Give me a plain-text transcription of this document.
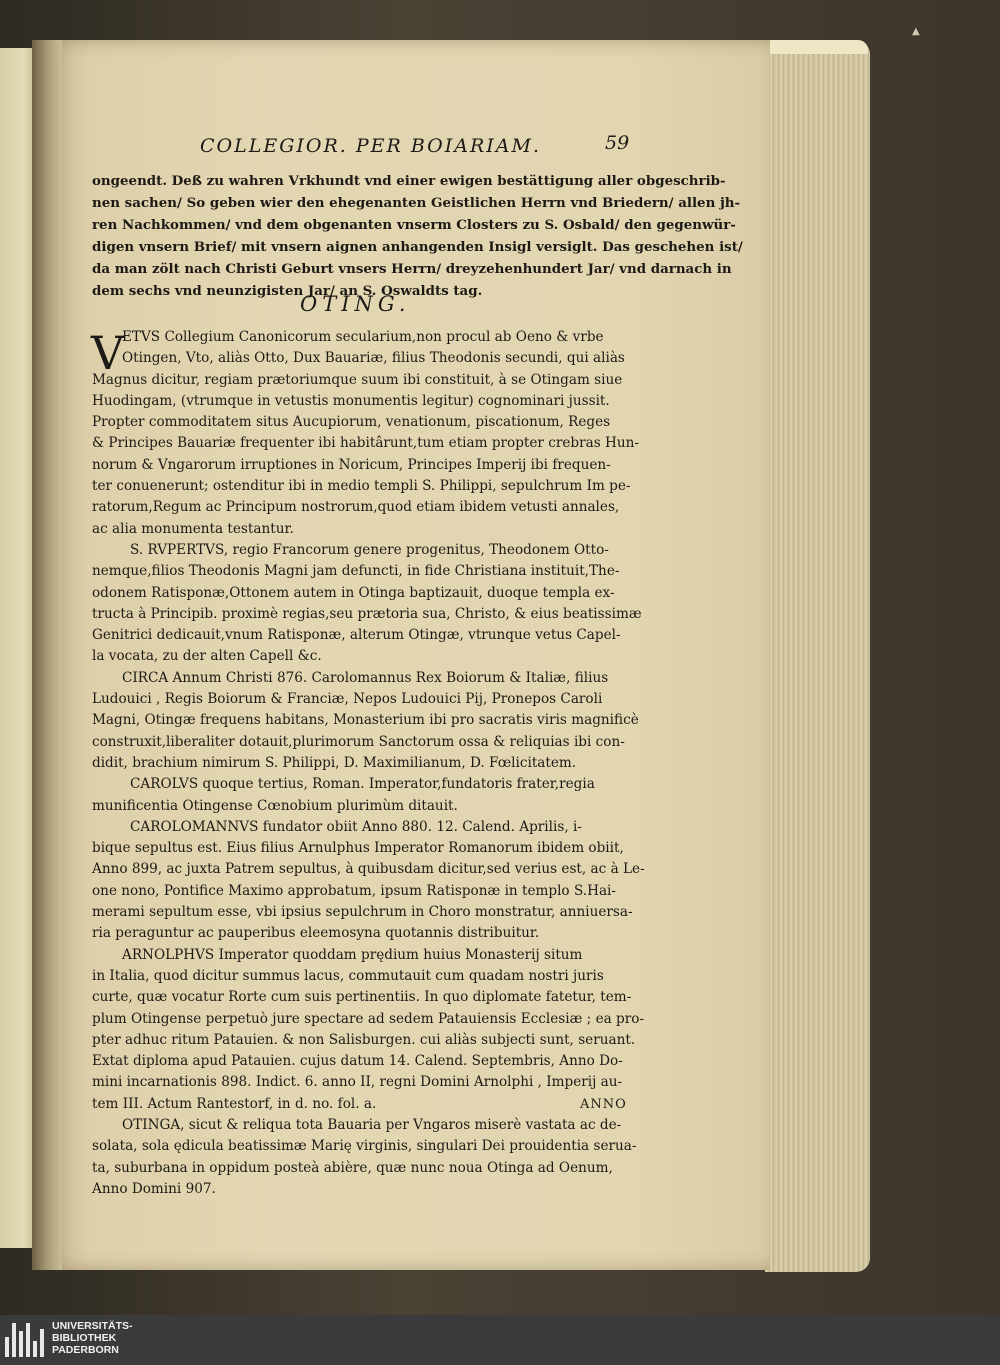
▲
COLLEGIOR. PER BOIARIAM.	59
ongeendt. Deß zu wahren Vrkhundt vnd einer ewigen bestättigung aller obgeschrib-
nen sachen/ So geben wier den ehegenanten Geistlichen Herrn vnd Briedern/ allen jh-
ren Nachkommen/ vnd dem obgenanten vnserm Closters zu S. Osbald/ den gegenwür-
digen vnsern Brief/ mit vnsern aignen anhangenden Insigl versiglt. Das geschehen ist/
da man zölt nach Christi Geburt vnsers Herrn/ dreyzehenhundert Jar/ vnd darnach in
dem sechs vnd neunzigisten Jar/ an S. Oswaldts tag.
OTING.
V
ETVS Collegium Canonicorum secularium,non procul ab Oeno & vrbe
Otingen, Vto, aliàs Otto, Dux Bauariæ, filius Theodonis secundi, qui aliàs
Magnus dicitur, regiam prætoriumque suum ibi constituit, à se Otingam siue
Huodingam, (vtrumque in vetustis monumentis legitur) cognominari jussit.
Propter commoditatem situs Aucupiorum, venationum, piscationum, Reges
& Principes Bauariæ frequenter ibi habitârunt,tum etiam propter crebras Hun-
norum & Vngarorum irruptiones in Noricum, Principes Imperij ibi frequen-
ter conuenerunt; ostenditur ibi in medio templi S. Philippi, sepulchrum Im pe-
ratorum,Regum ac Principum nostrorum,quod etiam ibidem vetusti annales,
ac alia monumenta testantur.
S. RVPERTVS, regio Francorum genere progenitus, Theodonem Otto-
nemque,filios Theodonis Magni jam defuncti, in fide Christiana instituit,The-
odonem Ratisponæ,Ottonem autem in Otinga baptizauit, duoque templa ex-
tructa à Principib. proximè regias,seu prætoria sua, Christo, & eius beatissimæ
Genitrici dedicauit,vnum Ratisponæ, alterum Otingæ, vtrunque vetus Capel-
la vocata, zu der alten Capell &c.
CIRCA Annum Christi 876. Carolomannus Rex Boiorum & Italiæ, filius
Ludouici , Regis Boiorum & Franciæ, Nepos Ludouici Pij, Pronepos Caroli
Magni, Otingæ frequens habitans, Monasterium ibi pro sacratis viris magnificè
construxit,liberaliter dotauit,plurimorum Sanctorum ossa & reliquias ibi con-
didit, brachium nimirum S. Philippi, D. Maximilianum, D. Fœlicitatem.
CAROLVS quoque tertius, Roman. Imperator,fundatoris frater,regia
munificentia Otingense Cœnobium plurimùm ditauit.
CAROLOMANNVS fundator obiit Anno 880. 12. Calend. Aprilis, i-
bique sepultus est. Eius filius Arnulphus Imperator Romanorum ibidem obiit,
Anno 899, ac juxta Patrem sepultus, à quibusdam dicitur,sed verius est, ac à Le-
one nono, Pontifice Maximo approbatum, ipsum Ratisponæ in templo S.Hai-
merami sepultum esse, vbi ipsius sepulchrum in Choro monstratur, anniuersa-
ria peraguntur ac pauperibus eleemosyna quotannis distribuitur.
ARNOLPHVS Imperator quoddam prędium huius Monasterij situm
in Italia, quod dicitur summus lacus, commutauit cum quadam nostri juris
curte, quæ vocatur Rorte cum suis pertinentiis. In quo diplomate fatetur, tem-
plum Otingense perpetuò jure spectare ad sedem Patauiensis Ecclesiæ ; ea pro-
pter adhuc ritum Patauien. & non Salisburgen. cui aliàs subjecti sunt, seruant.
Extat diploma apud Patauien. cujus datum 14. Calend. Septembris, Anno Do-
mini incarnationis 898. Indict. 6. anno II, regni Domini Arnolphi , Imperij au-
tem III. Actum Rantestorf, in d. no. fol. a.
OTINGA, sicut & reliqua tota Bauaria per Vngaros miserè vastata ac de-
solata, sola ędicula beatissimæ Marię virginis, singulari Dei prouidentia serua-
ta, suburbana in oppidum posteà abière, quæ nunc noua Otinga ad Oenum,
Anno Domini 907.
ANNO
UNIVERSITÄTS-
BIBLIOTHEK
PADERBORN
